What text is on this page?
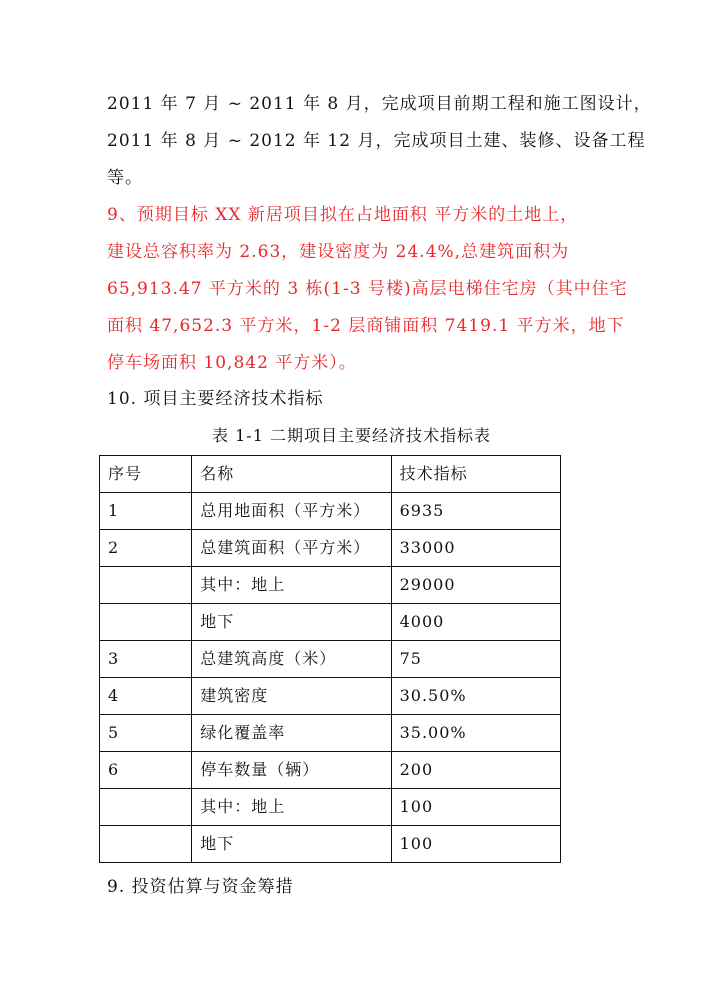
2011 年 7 月 ~ 2011 年 8 月，完成项目前期工程和施工图设计，
2011 年 8 月 ~ 2012 年 12 月，完成项目土建、装修、设备工程
等。
9、预期目标 XX 新居项目拟在占地面积 平方米的土地上，
建设总容积率为 2.63，建设密度为 24.4%,总建筑面积为
65,913.47 平方米的 3 栋(1-3 号楼)高层电梯住宅房（其中住宅
面积 47,652.3 平方米，1-2 层商铺面积 7419.1 平方米，地下
停车场面积 10,842 平方米）。
10. 项目主要经济技术指标
表 1-1 二期项目主要经济技术指标表
序号	名称	技术指标
1	总用地面积（平方米）	6935
2	总建筑面积（平方米）	33000
	其中：地上	29000
	地下	4000
3	总建筑高度（米）	75
4	建筑密度	30.50%
5	绿化覆盖率	35.00%
6	停车数量（辆）	200
	其中：地上	100
	地下	100
9. 投资估算与资金筹措
